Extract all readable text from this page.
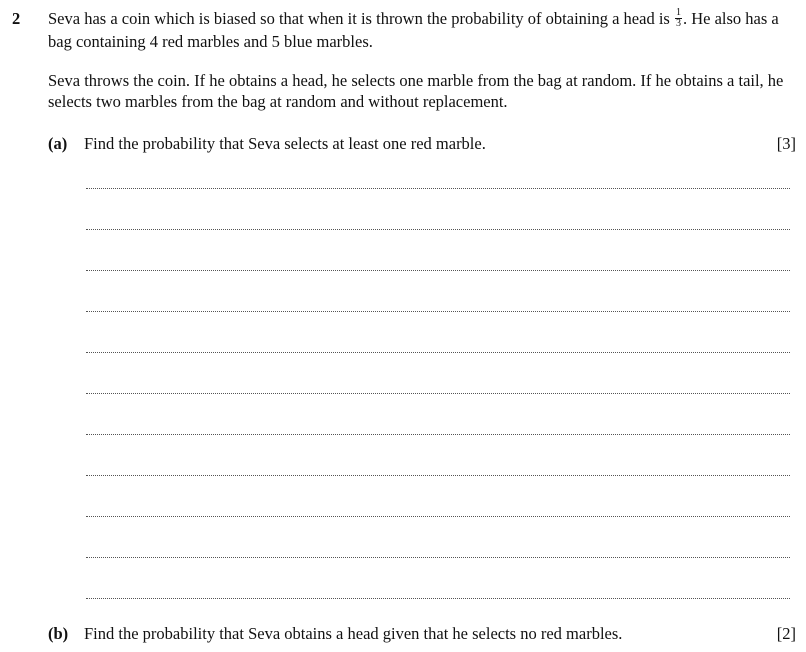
2 Seva has a coin which is biased so that when it is thrown the probability of obtaining a head is $\frac{1}{3}$ . He also has a bag containing 4 red marbles and 5 blue marbles.

Seva throws the coin. If he obtains a head, he selects one marble from the bag at random. If he obtains a tail, he selects two marbles from the bag at random and without replacement.

(a) Find the probability that Seva selects at least one red marble.	[3]
(b) Find the probability that Seva obtains a head given that he selects no red marbles.	[2]
